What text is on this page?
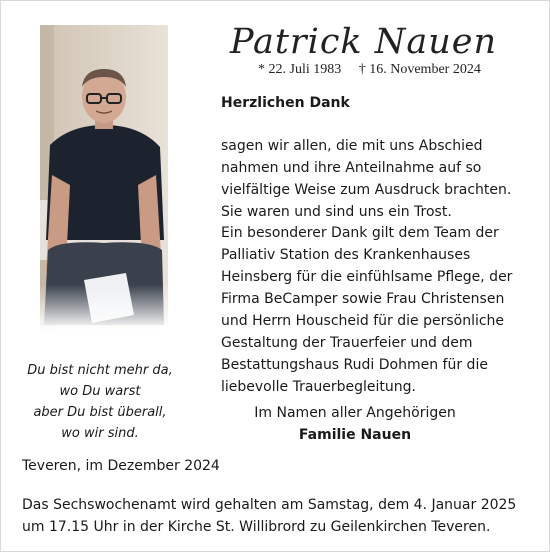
Patrick Nauen
* 22. Juli 1983 † 16. November 2024
Herzlichen Dank
sagen wir allen, die mit uns Abschied
nahmen und ihre Anteilnahme auf so
vielfältige Weise zum Ausdruck brachten.
Sie waren und sind uns ein Trost.
Ein besonderer Dank gilt dem Team der
Palliativ Station des Krankenhauses
Heinsberg für die einfühlsame Pflege, der
Firma BeCamper sowie Frau Christensen
und Herrn Houscheid für die persönliche
Gestaltung der Trauerfeier und dem
Bestattungshaus Rudi Dohmen für die
liebevolle Trauerbegleitung.
Du bist nicht mehr da,
wo Du warst
aber Du bist überall,
wo wir sind.
Im Namen aller Angehörigen
Familie Nauen
Teveren, im Dezember 2024
Das Sechswochenamt wird gehalten am Samstag, dem 4. Januar 2025
um 17.15 Uhr in der Kirche St. Willibrord zu Geilenkirchen Teveren.
